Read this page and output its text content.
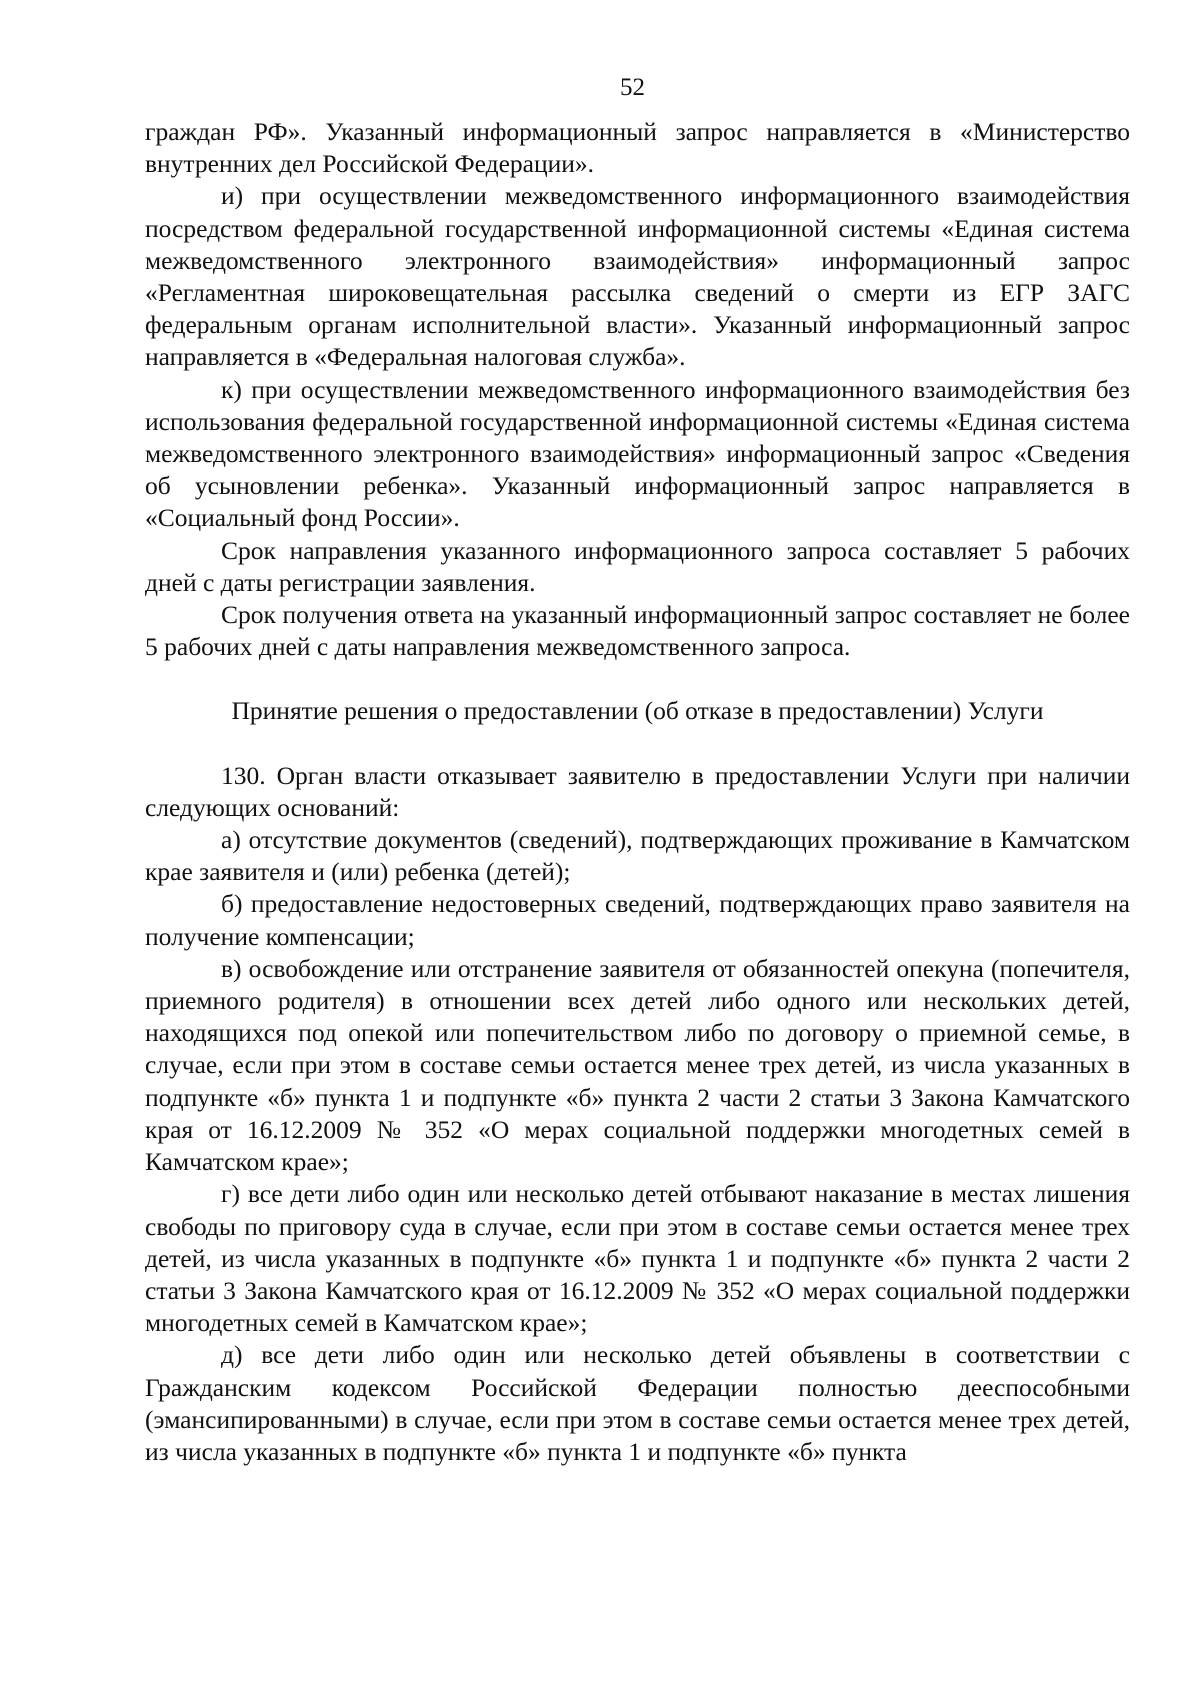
52

граждан РФ». Указанный информационный запрос направляется в «Министерство внутренних дел Российской Федерации».

и) при осуществлении межведомственного информационного взаимодействия посредством федеральной государственной информационной системы «Единая система межведомственного электронного взаимодействия» информационный запрос «Регламентная широковещательная рассылка сведений о смерти из ЕГР ЗАГС федеральным органам исполнительной власти». Указанный информационный запрос направляется в «Федеральная налоговая служба».

к) при осуществлении межведомственного информационного взаимодействия без использования федеральной государственной информационной системы «Единая система межведомственного электронного взаимодействия» информационный запрос «Сведения об усыновлении ребенка». Указанный информационный запрос направляется в «Социальный фонд России».

Срок направления указанного информационного запроса составляет 5 рабочих дней с даты регистрации заявления.

Срок получения ответа на указанный информационный запрос составляет не более 5 рабочих дней с даты направления межведомственного запроса.

Принятие решения о предоставлении (об отказе в предоставлении) Услуги

130. Орган власти отказывает заявителю в предоставлении Услуги при наличии следующих оснований:

а) отсутствие документов (сведений), подтверждающих проживание в Камчатском крае заявителя и (или) ребенка (детей);

б) предоставление недостоверных сведений, подтверждающих право заявителя на получение компенсации;

в) освобождение или отстранение заявителя от обязанностей опекуна (попечителя, приемного родителя) в отношении всех детей либо одного или нескольких детей, находящихся под опекой или попечительством либо по договору о приемной семье, в случае, если при этом в составе семьи остается менее трех детей, из числа указанных в подпункте «б» пункта 1 и подпункте «б» пункта 2 части 2 статьи 3 Закона Камчатского края от 16.12.2009 № 352 «О мерах социальной поддержки многодетных семей в Камчатском крае»;

г) все дети либо один или несколько детей отбывают наказание в местах лишения свободы по приговору суда в случае, если при этом в составе семьи остается менее трех детей, из числа указанных в подпункте «б» пункта 1 и подпункте «б» пункта 2 части 2 статьи 3 Закона Камчатского края от 16.12.2009 № 352 «О мерах социальной поддержки многодетных семей в Камчатском крае»;

д) все дети либо один или несколько детей объявлены в соответствии с Гражданским кодексом Российской Федерации полностью дееспособными (эмансипированными) в случае, если при этом в составе семьи остается менее трех детей, из числа указанных в подпункте «б» пункта 1 и подпункте «б» пункта
